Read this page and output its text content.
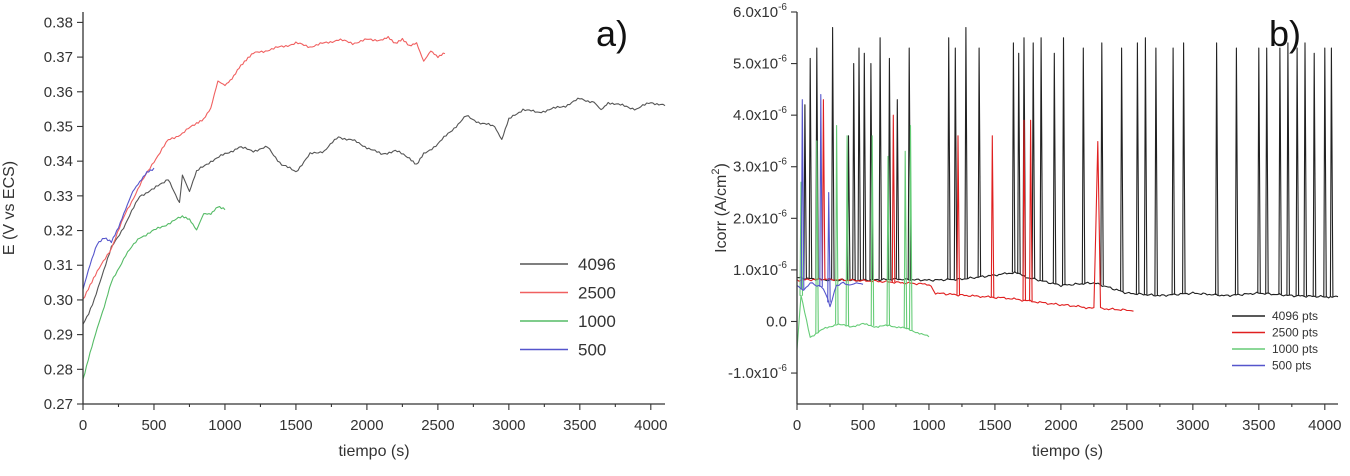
0	500	1000	1500	2000	2500	3000	3500	4000
0.27
0.28
0.29
0.30
0.31
0.32
0.33
0.34
0.35
0.36
0.37
0.38
tiempo (s)
E (V vs ECS)
a)
4096
2500
1000
500
0	500 1000 1500 2000 2500 3000 3500 4000
$-1.0x10^{-6}$
0.0
$1.0x10^{-6}$
$2.0x10^{-6}$
$3.0x10^{-6}$
$4.0x10^{-6}$
$5.0x10^{-6}$
$6.0x10^{-6}$
tiempo (s)
Icorr $(A/cm^2)$
b)
4096 pts
2500 pts
1000 pts
500 pts
